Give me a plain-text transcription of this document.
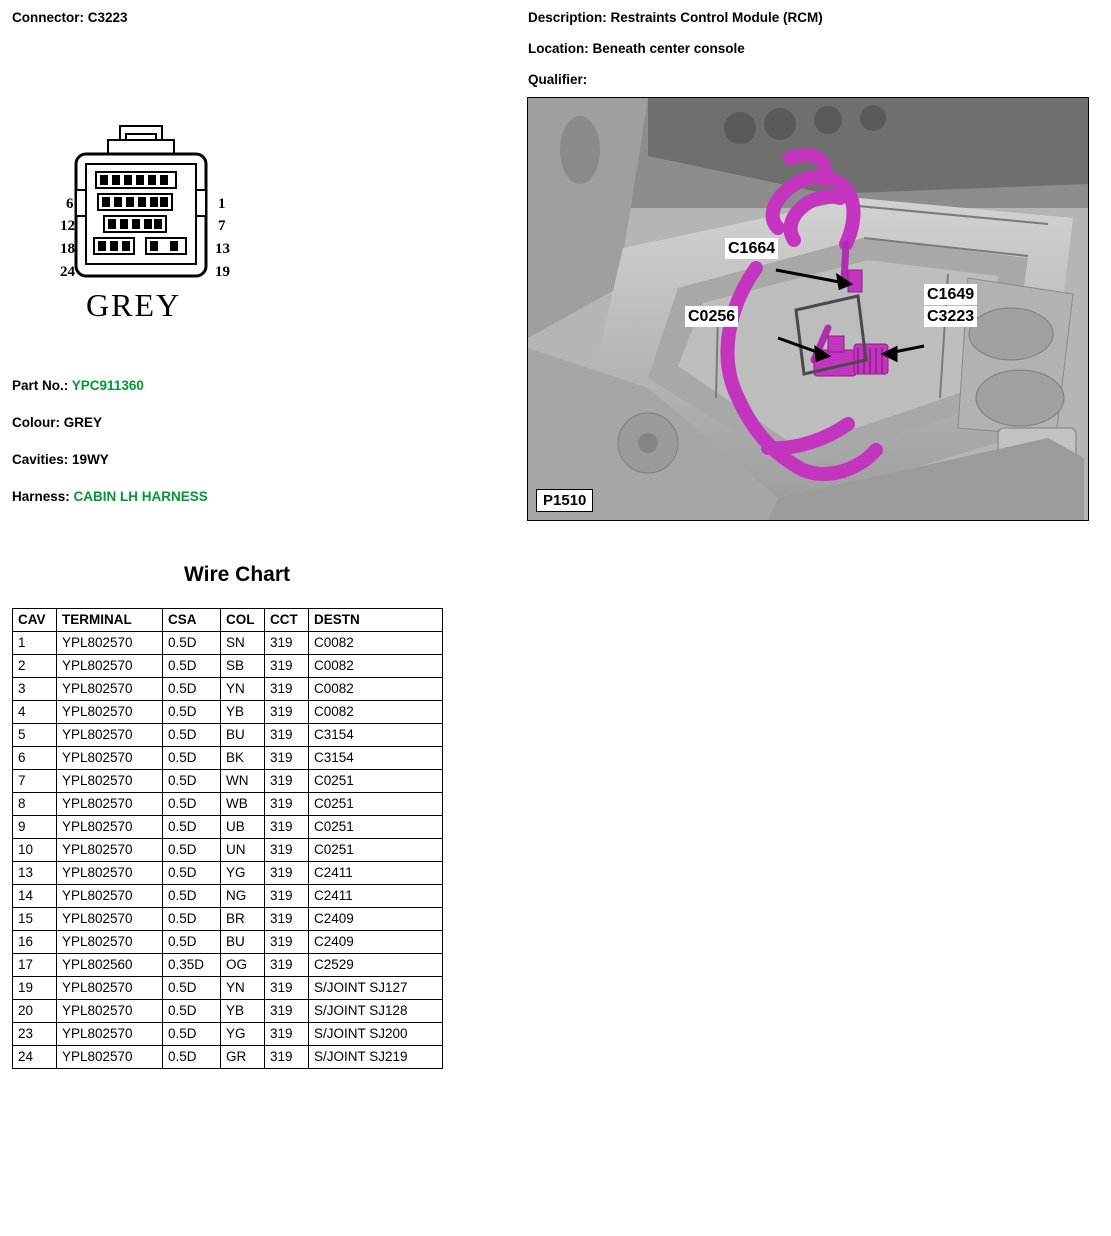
Connector: C3223
6
12
18
24
1
7
13
19
GREY
Part No.: YPC911360
Colour: GREY
Cavities: 19WY
Harness: CABIN LH HARNESS
Wire Chart
CAV	TERMINAL	CSA	COL	CCT	DESTN
1	YPL802570	0.5D	SN	319	C0082
2	YPL802570	0.5D	SB	319	C0082
3	YPL802570	0.5D	YN	319	C0082
4	YPL802570	0.5D	YB	319	C0082
5	YPL802570	0.5D	BU	319	C3154
6	YPL802570	0.5D	BK	319	C3154
7	YPL802570	0.5D	WN	319	C0251
8	YPL802570	0.5D	WB	319	C0251
9	YPL802570	0.5D	UB	319	C0251
10	YPL802570	0.5D	UN	319	C0251
13	YPL802570	0.5D	YG	319	C2411
14	YPL802570	0.5D	NG	319	C2411
15	YPL802570	0.5D	BR	319	C2409
16	YPL802570	0.5D	BU	319	C2409
17	YPL802560	0.35D	OG	319	C2529
19	YPL802570	0.5D	YN	319	S/JOINT SJ127
20	YPL802570	0.5D	YB	319	S/JOINT SJ128
23	YPL802570	0.5D	YG	319	S/JOINT SJ200
24	YPL802570	0.5D	GR	319	S/JOINT SJ219
Description: Restraints Control Module (RCM)
Location: Beneath center console
Qualifier:
C1664
C0256
C1649
C3223
P1510
